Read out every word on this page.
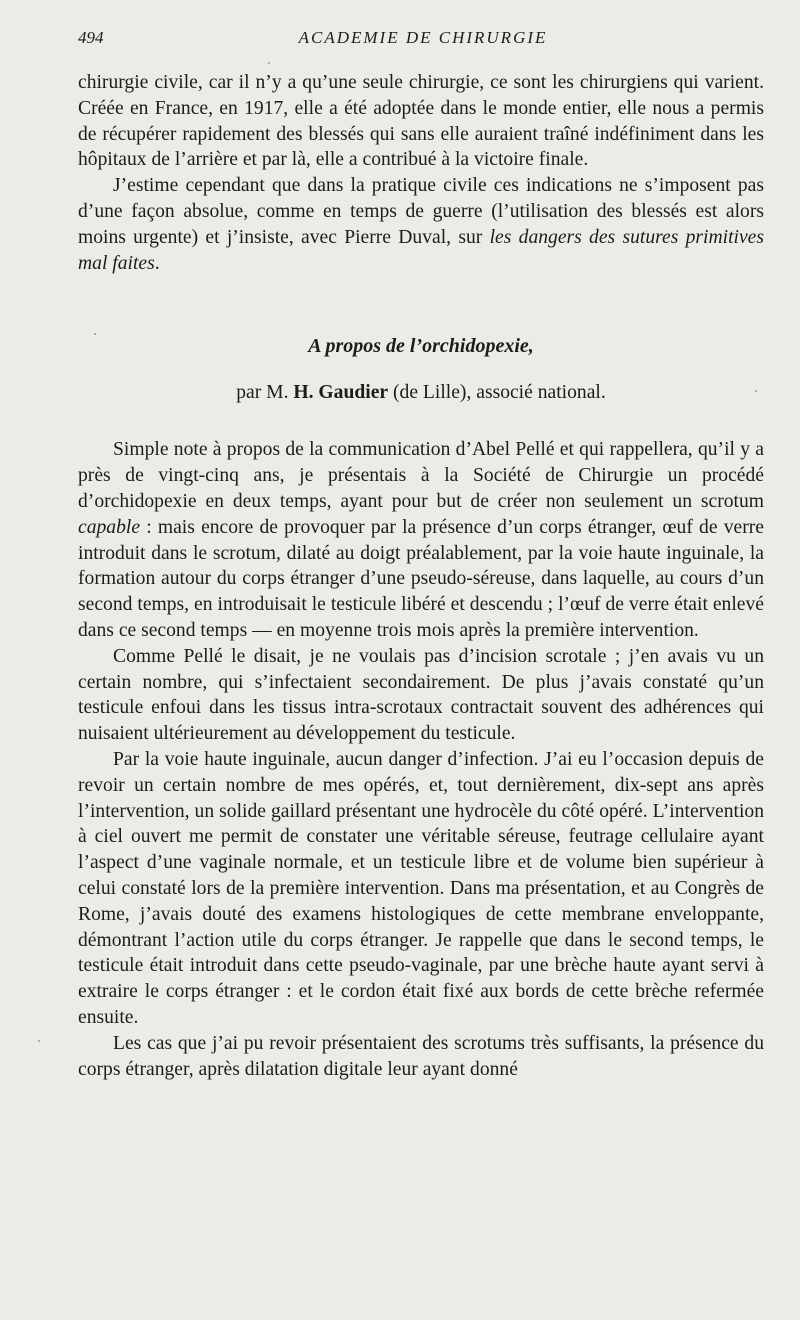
494	ACADEMIE DE CHIRURGIE

chirurgie civile, car il n’y a qu’une seule chirurgie, ce sont les chirurgiens qui varient. Créée en France, en 1917, elle a été adoptée dans le monde entier, elle nous a permis de récupérer rapidement des blessés qui sans elle auraient traîné indéfiniment dans les hôpitaux de l’arrière et par là, elle a contribué à la victoire finale.

J’estime cependant que dans la pratique civile ces indications ne s’imposent pas d’une façon absolue, comme en temps de guerre (l’utilisation des blessés est alors moins urgente) et j’insiste, avec Pierre Duval, sur les dangers des sutures primitives mal faites.

A propos de l’orchidopexie,
par M. H. Gaudier (de Lille), associé national.

Simple note à propos de la communication d’Abel Pellé et qui rappellera, qu’il y a près de vingt-cinq ans, je présentais à la Société de Chirurgie un procédé d’orchidopexie en deux temps, ayant pour but de créer non seulement un scrotum capable : mais encore de provoquer par la présence d’un corps étranger, œuf de verre introduit dans le scrotum, dilaté au doigt préalablement, par la voie haute inguinale, la formation autour du corps étranger d’une pseudo-séreuse, dans laquelle, au cours d’un second temps, en introduisait le testicule libéré et descendu ; l’œuf de verre était enlevé dans ce second temps — en moyenne trois mois après la première intervention.

Comme Pellé le disait, je ne voulais pas d’incision scrotale ; j’en avais vu un certain nombre, qui s’infectaient secondairement. De plus j’avais constaté qu’un testicule enfoui dans les tissus intra-scrotaux contractait souvent des adhérences qui nuisaient ultérieurement au développement du testicule.

Par la voie haute inguinale, aucun danger d’infection. J’ai eu l’occasion depuis de revoir un certain nombre de mes opérés, et, tout dernièrement, dix-sept ans après l’intervention, un solide gaillard présentant une hydrocèle du côté opéré. L’intervention à ciel ouvert me permit de constater une véritable séreuse, feutrage cellulaire ayant l’aspect d’une vaginale normale, et un testicule libre et de volume bien supérieur à celui constaté lors de la première intervention. Dans ma présentation, et au Congrès de Rome, j’avais douté des examens histologiques de cette membrane enveloppante, démontrant l’action utile du corps étranger. Je rappelle que dans le second temps, le testicule était introduit dans cette pseudo-vaginale, par une brèche haute ayant servi à extraire le corps étranger : et le cordon était fixé aux bords de cette brèche refermée ensuite.

Les cas que j’ai pu revoir présentaient des scrotums très suffisants, la présence du corps étranger, après dilatation digitale leur ayant donné
